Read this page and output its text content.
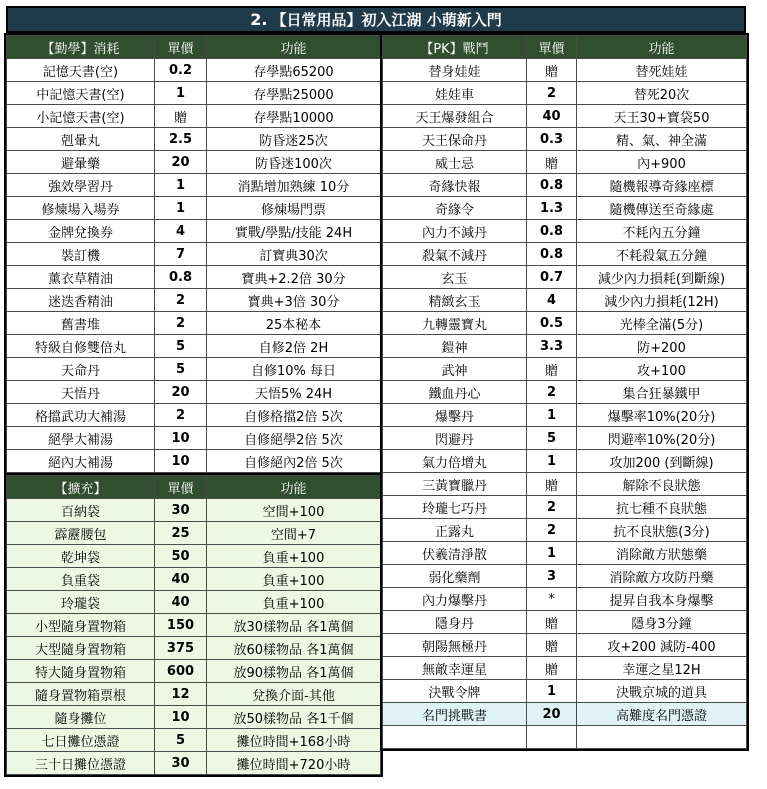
2. 【日常用品】初入江湖 小萌新入門
【勤學】消耗	單價	功能
記憶天書(空)	0.2	存學點65200
中記憶天書(空)	1	存學點25000
小記憶天書(空)	贈	存學點10000
剋暈丸	2.5	防昏迷25次
避暈藥	20	防昏迷100次
強效學習丹	1	消點增加熟練 10分
修煉場入場券	1	修煉場門票
金牌兌換券	4	實戰/學點/技能 24H
裝訂機	7	訂寶典30次
薰衣草精油	0.8	寶典+2.2倍 30分
迷迭香精油	2	寶典+3倍 30分
舊書堆	2	25本秘本
特級自修雙倍丸	5	自修2倍 2H
天命丹	5	自修10% 每日
天悟丹	20	天悟5% 24H
格擋武功大補湯	2	自修格擋2倍 5次
絕學大補湯	10	自修絕學2倍 5次
絕內大補湯	10	自修絕內2倍 5次
【擴充】	單價	功能
百納袋	30	空間+100
霹靂腰包	25	空間+7
乾坤袋	50	負重+100
負重袋	40	負重+100
玲瓏袋	40	負重+100
小型隨身置物箱	150	放30樣物品 各1萬個
大型隨身置物箱	375	放60樣物品 各1萬個
特大隨身置物箱	600	放90樣物品 各1萬個
隨身置物箱票根	12	兌換介面-其他
隨身攤位	10	放50樣物品 各1千個
七日攤位憑證	5	攤位時間+168小時
三十日攤位憑證	30	攤位時間+720小時
【PK】戰鬥	單價	功能
替身娃娃	贈	替死娃娃
娃娃車	2	替死20次
天王爆發組合	40	天王30+寶袋50
天王保命丹	0.3	精、氣、神全滿
威士忌	贈	內+900
奇緣快報	0.8	隨機報導奇緣座標
奇緣令	1.3	隨機傳送至奇緣處
內力不減丹	0.8	不耗內五分鐘
殺氣不減丹	0.8	不耗殺氣五分鐘
玄玉	0.7	減少內力損耗(到斷線)
精緻玄玉	4	減少內力損耗(12H)
九轉靈寶丸	0.5	光棒全滿(5分)
鎧神	3.3	防+200
武神	贈	攻+100
鐵血丹心	2	集合狂暴鐵甲
爆擊丹	1	爆擊率10%(20分)
閃避丹	5	閃避率10%(20分)
氣力倍增丸	1	攻加200 (到斷線)
三黃寶臘丹	贈	解除不良狀態
玲瓏七巧丹	2	抗七種不良狀態
正露丸	2	抗不良狀態(3分)
伏羲清淨散	1	消除敵方狀態藥
弱化藥劑	3	消除敵方攻防丹藥
內力爆擊丹	*	提昇自我本身爆擊
隱身丹	贈	隱身3分鐘
朝陽無極丹	贈	攻+200 減防-400
無敵幸運星	贈	幸運之星12H
決戰令牌	1	決戰京城的道具
名門挑戰書	20	高難度名門憑證
